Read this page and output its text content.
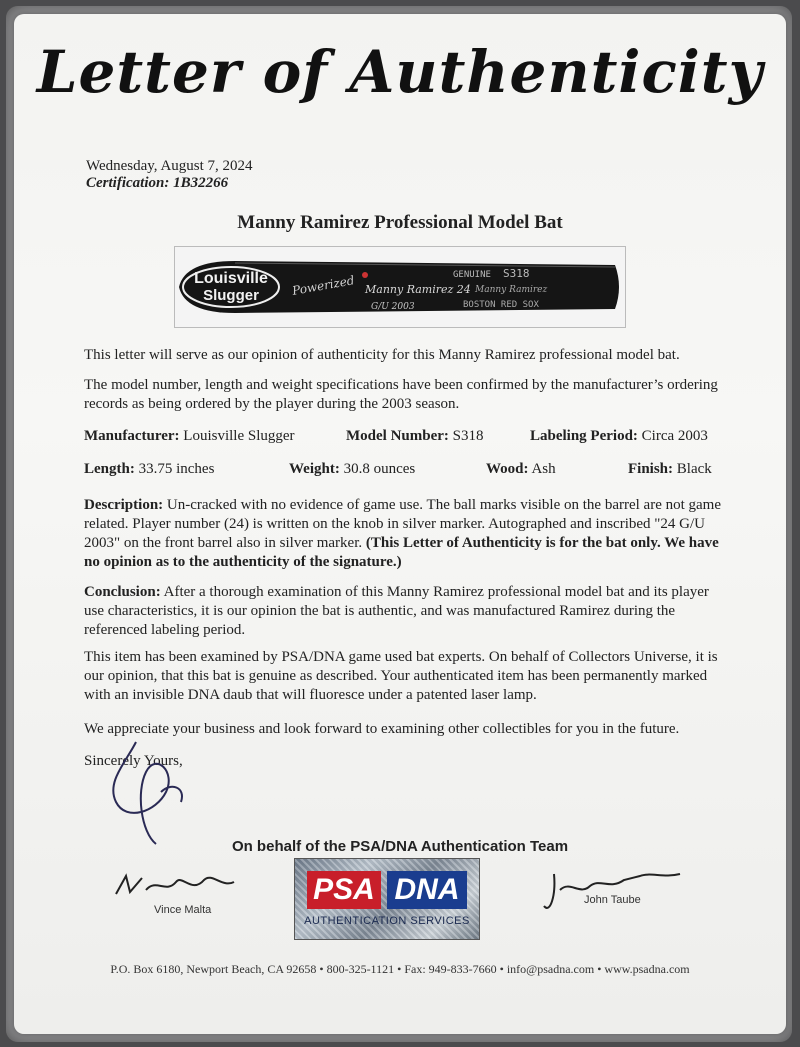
Letter of Authenticity
Wednesday, August 7, 2024
Certification: 1B32266
Manny Ramirez Professional Model Bat
Louisville
Slugger	Powerized Manny Ramirez 24
G/U 2003
GENUINE S318
Manny Ramirez
BOSTON RED SOX
This letter will serve as our opinion of authenticity for this Manny Ramirez professional model bat.
The model number, length and weight specifications have been confirmed by the manufacturer’s ordering records as being ordered by the player during the 2003 season.
Manufacturer: Louisville Slugger	Model Number: S318	Labeling Period: Circa 2003
Length: 33.75 inches	Weight: 30.8 ounces	Wood: Ash	Finish: Black
Description: Un-cracked with no evidence of game use. The ball marks visible on the barrel are not game related. Player number (24) is written on the knob in silver marker. Autographed and inscribed "24 G/U 2003" on the front barrel also in silver marker. (This Letter of Authenticity is for the bat only. We have no opinion as to the authenticity of the signature.)
Conclusion: After a thorough examination of this Manny Ramirez professional model bat and its player use characteristics, it is our opinion the bat is authentic, and was manufactured Ramirez during the referenced labeling period.
This item has been examined by PSA/DNA game used bat experts. On behalf of Collectors Universe, it is our opinion, that this bat is genuine as described. Your authenticated item has been permanently marked with an invisible DNA daub that will fluoresce under a patented laser lamp.
We appreciate your business and look forward to examining other collectibles for you in the future.
Sincerely Yours,
On behalf of the PSA/DNA Authentication Team
Vince Malta
PSA DNA
AUTHENTICATION SERVICES
John Taube
P.O. Box 6180, Newport Beach, CA 92658 • 800-325-1121 • Fax: 949-833-7660 • info@psadna.com • www.psadna.com
